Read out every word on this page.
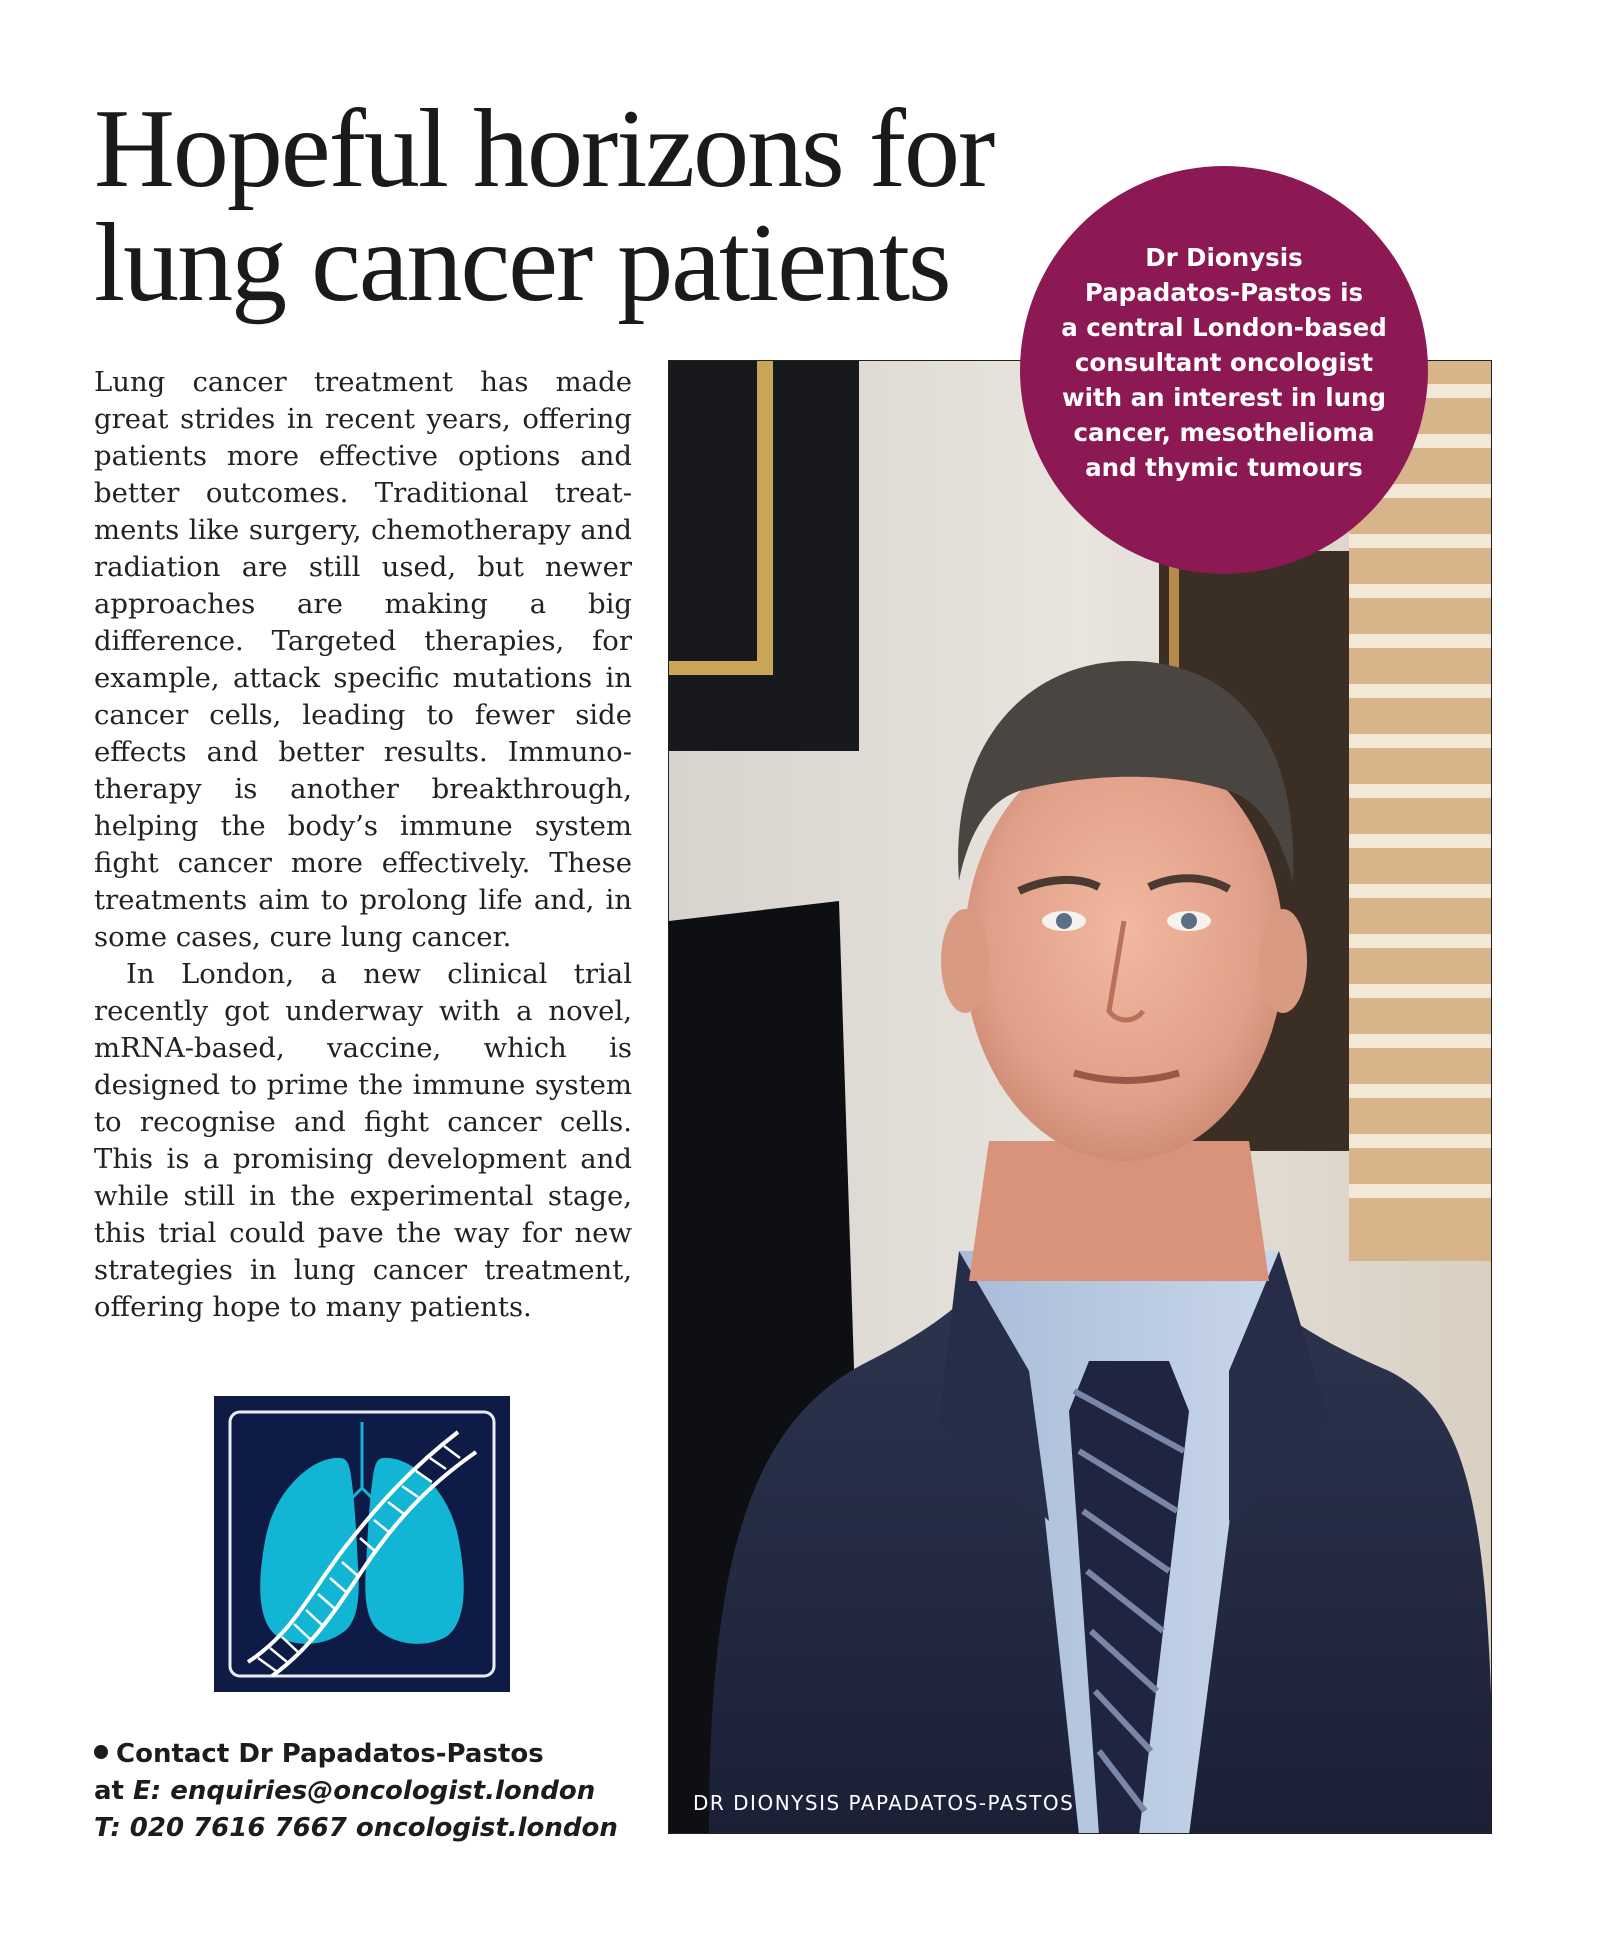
Hopeful horizons for
lung cancer patients

Lung cancer treatment has made great strides in recent years, offering patients more effective options and better outcomes. Traditional treatments like surgery, chemotherapy and radiation are still used, but newer approaches are making a big difference. Targeted therapies, for example, attack specific mutations in cancer cells, leading to fewer side effects and better results. Immunotherapy is another breakthrough, helping the body’s immune system fight cancer more effectively. These treatments aim to prolong life and, in some cases, cure lung cancer.

In London, a new clinical trial recently got underway with a novel, mRNA-based, vaccine, which is designed to prime the immune system to recognise and fight cancer cells. This is a promising development and while still in the experimental stage, this trial could pave the way for new strategies in lung cancer treatment, offering hope to many patients.

Contact Dr Papadatos-Pastos
at E: enquiries@oncologist.london
T: 020 7616 7667 oncologist.london
DR DIONYSIS PAPADATOS-PASTOS
Dr Dionysis
Papadatos-Pastos is
a central London-based
consultant oncologist
with an interest in lung
cancer, mesothelioma
and thymic tumours
